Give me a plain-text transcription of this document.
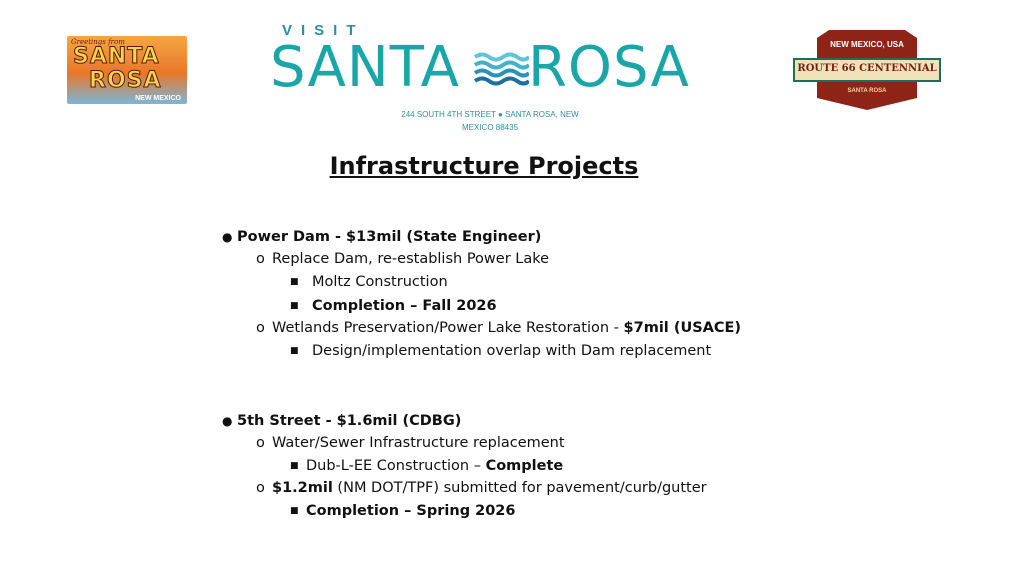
Greetings from
SANTA
ROSA
NEW MEXICO
VISIT
SANTA ROSA
244 SOUTH 4TH STREET ● SANTA ROSA, NEW MEXICO 88435
NEW MEXICO, USA
ROUTE 66 CENTENNIAL
SANTA ROSA
Infrastructure Projects
● Power Dam - $13mil (State Engineer)
o Replace Dam, re-establish Power Lake
■ Moltz Construction
■ Completion – Fall 2026
o Wetlands Preservation/Power Lake Restoration - $7mil (USACE)
■ Design/implementation overlap with Dam replacement
● 5th Street - $1.6mil (CDBG)
o Water/Sewer Infrastructure replacement
■ Dub-L-EE Construction – Complete
o $1.2mil (NM DOT/TPF) submitted for pavement/curb/gutter
■ Completion – Spring 2026
